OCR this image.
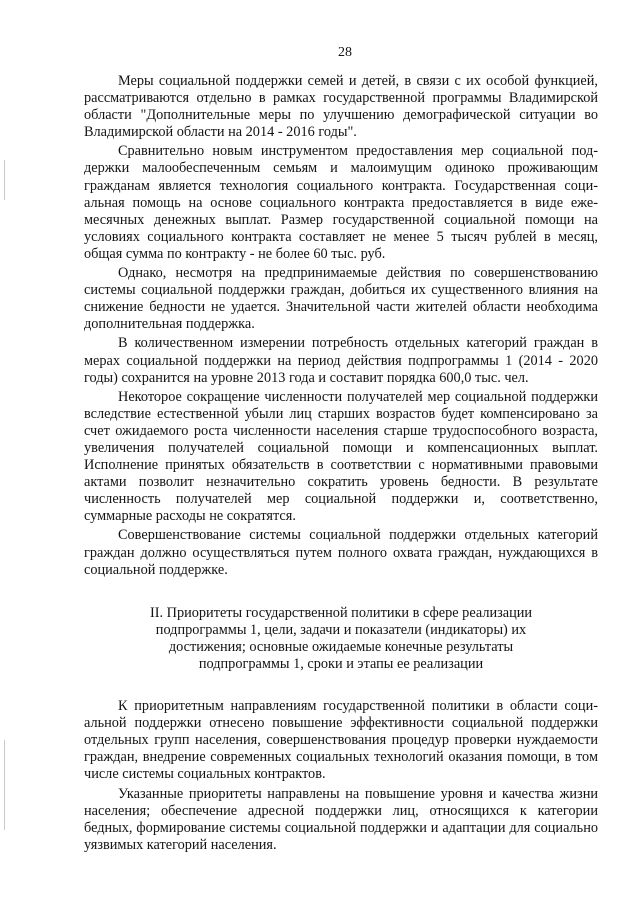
28

Меры социальной поддержки семей и детей, в связи с их особой функцией, рассматриваются отдельно в рамках государственной программы Владимирской области "Дополнительные меры по улучшению демографической ситуации во Владимирской области на 2014 - 2016 годы".

Сравнительно новым инструментом предоставления мер социальной поддержки малообеспеченным семьям и малоимущим одиноко проживающим гражданам является технология социального контракта. Государственная социальная помощь на основе социального контракта предоставляется в виде ежемесячных денежных выплат. Размер государственной социальной помощи на условиях социального контракта составляет не менее 5 тысяч рублей в месяц, общая сумма по контракту - не более 60 тыс. руб.

Однако, несмотря на предпринимаемые действия по совершенствованию системы социальной поддержки граждан, добиться их существенного влияния на снижение бедности не удается. Значительной части жителей области необходима дополнительная поддержка.

В количественном измерении потребность отдельных категорий граждан в мерах социальной поддержки на период действия подпрограммы 1 (2014 - 2020 годы) сохранится на уровне 2013 года и составит порядка 600,0 тыс. чел.

Некоторое сокращение численности получателей мер социальной поддержки вследствие естественной убыли лиц старших возрастов будет компенсировано за счет ожидаемого роста численности населения старше трудоспособного возраста, увеличения получателей социальной помощи и компенсационных выплат. Исполнение принятых обязательств в соответствии с нормативными правовыми актами позволит незначительно сократить уровень бедности. В результате численность получателей мер социальной поддержки и, соответственно, суммарные расходы не сократятся.

Совершенствование системы социальной поддержки отдельных категорий граждан должно осуществляться путем полного охвата граждан, нуждающихся в социальной поддержке.

II. Приоритеты государственной политики в сфере реализации
подпрограммы 1, цели, задачи и показатели (индикаторы) их
достижения; основные ожидаемые конечные результаты
подпрограммы 1, сроки и этапы ее реализации

К приоритетным направлениям государственной политики в области социальной поддержки отнесено повышение эффективности социальной поддержки отдельных групп населения, совершенствования процедур проверки нуждаемости граждан, внедрение современных социальных технологий оказания помощи, в том числе системы социальных контрактов.

Указанные приоритеты направлены на повышение уровня и качества жизни населения; обеспечение адресной поддержки лиц, относящихся к категории бедных, формирование системы социальной поддержки и адаптации для социально уязвимых категорий населения.
